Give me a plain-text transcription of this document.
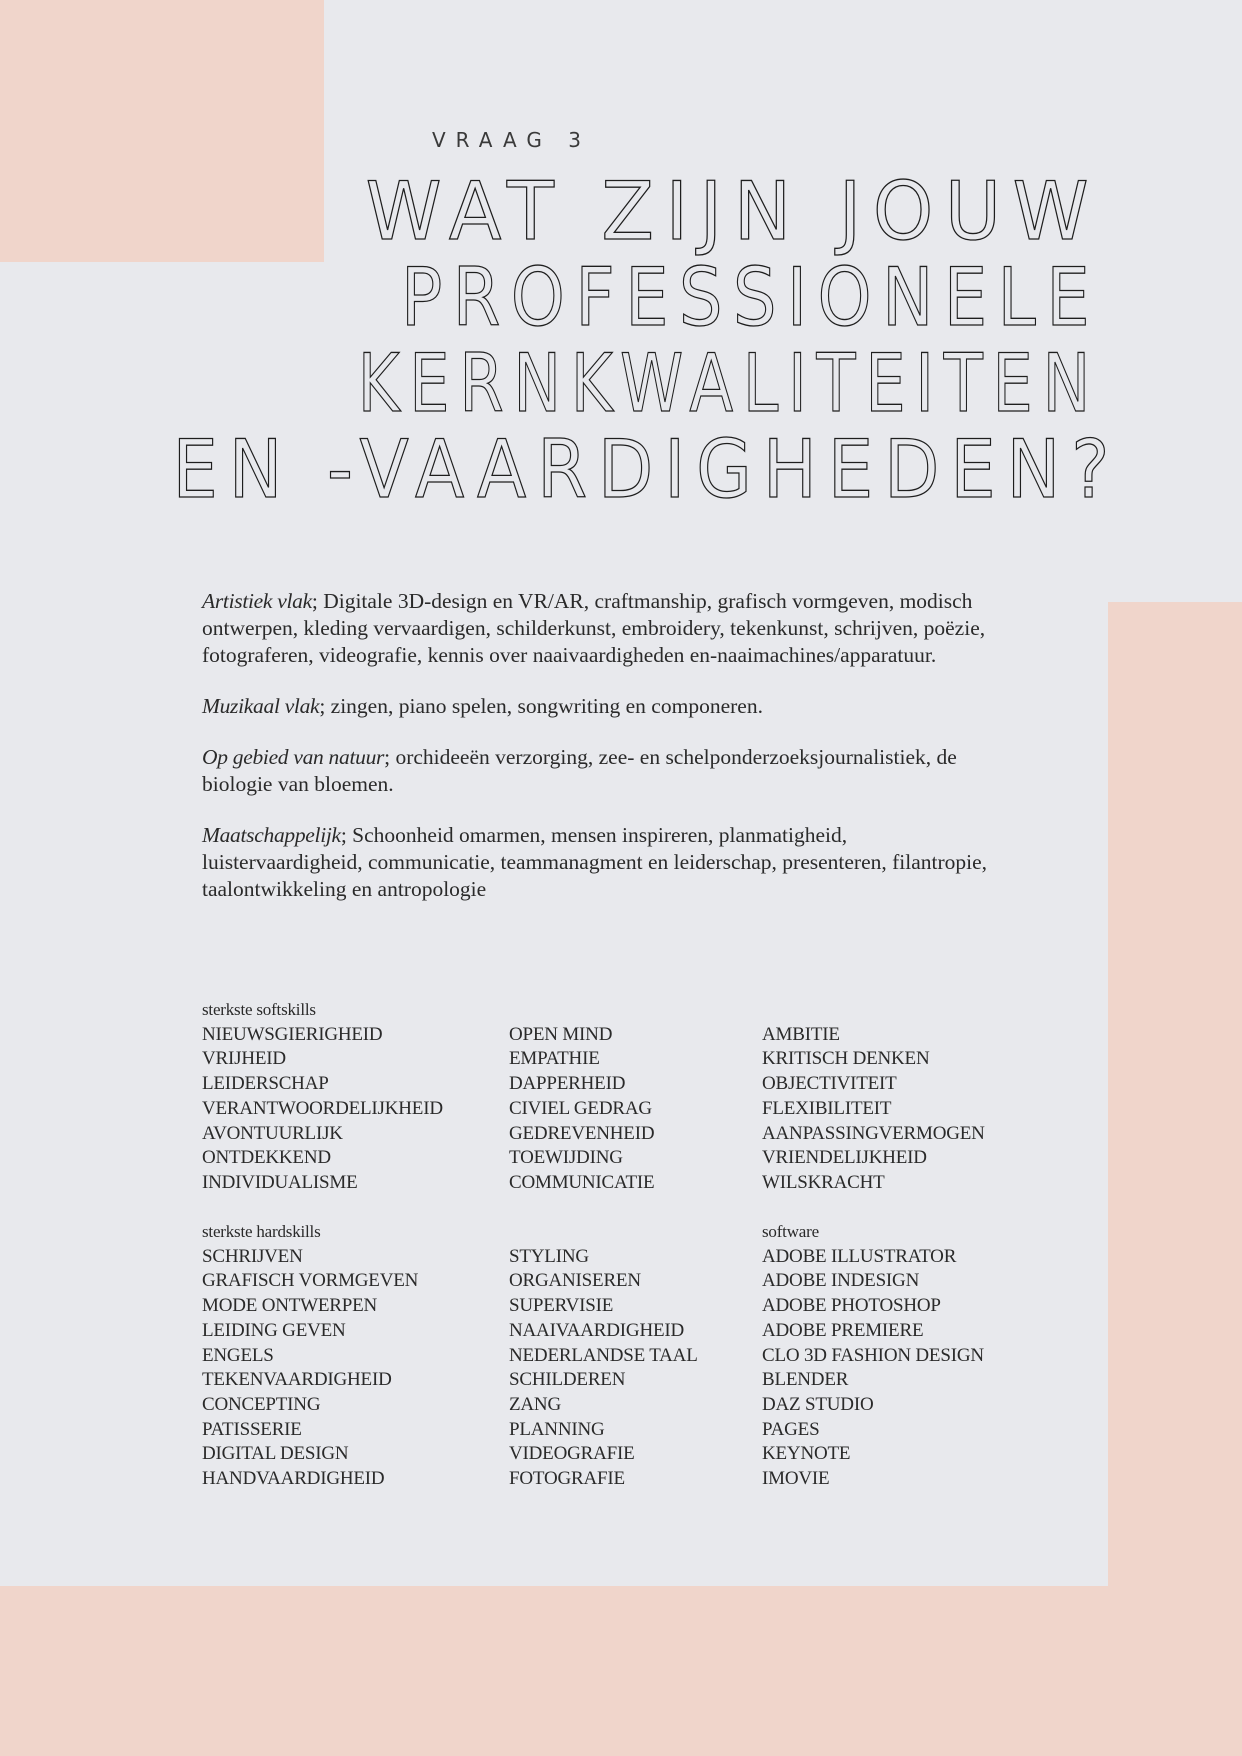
VRAAG 3
WAT ZIJN JOUW
PROFESSIONELE
KERNKWALITEITEN
EN -VAARDIGHEDEN?

Artistiek vlak; Digitale 3D-design en VR/AR, craftmanship, grafisch vormgeven, modisch ontwerpen, kleding vervaardigen, schilderkunst, embroidery, tekenkunst, schrijven, poëzie, fotograferen, videografie, kennis over naaivaardigheden en-naaimachines/apparatuur.

Muzikaal vlak; zingen, piano spelen, songwriting en componeren.

Op gebied van natuur; orchideeën verzorging, zee- en schelponderzoeksjournalistiek, de biologie van bloemen.

Maatschappelijk; Schoonheid omarmen, mensen inspireren, planmatigheid, luistervaardigheid, communicatie, teammanagment en leiderschap, presenteren, filantropie, taalontwikkeling en antropologie

sterkste softskills
NIEUWSGIERIGHEID
VRIJHEID
LEIDERSCHAP
VERANTWOORDELIJKHEID
AVONTUURLIJK
ONTDEKKEND
INDIVIDUALISME
OPEN MIND
EMPATHIE
DAPPERHEID
CIVIEL GEDRAG
GEDREVENHEID
TOEWIJDING
COMMUNICATIE
AMBITIE
KRITISCH DENKEN
OBJECTIVITEIT
FLEXIBILITEIT
AANPASSINGVERMOGEN
VRIENDELIJKHEID
WILSKRACHT
sterkste hardskills
SCHRIJVEN
GRAFISCH VORMGEVEN
MODE ONTWERPEN
LEIDING GEVEN
ENGELS
TEKENVAARDIGHEID
CONCEPTING
PATISSERIE
DIGITAL DESIGN
HANDVAARDIGHEID
STYLING
ORGANISEREN
SUPERVISIE
NAAIVAARDIGHEID
NEDERLANDSE TAAL
SCHILDEREN
ZANG
PLANNING
VIDEOGRAFIE
FOTOGRAFIE
software
ADOBE ILLUSTRATOR
ADOBE INDESIGN
ADOBE PHOTOSHOP
ADOBE PREMIERE
CLO 3D FASHION DESIGN
BLENDER
DAZ STUDIO
PAGES
KEYNOTE
IMOVIE
